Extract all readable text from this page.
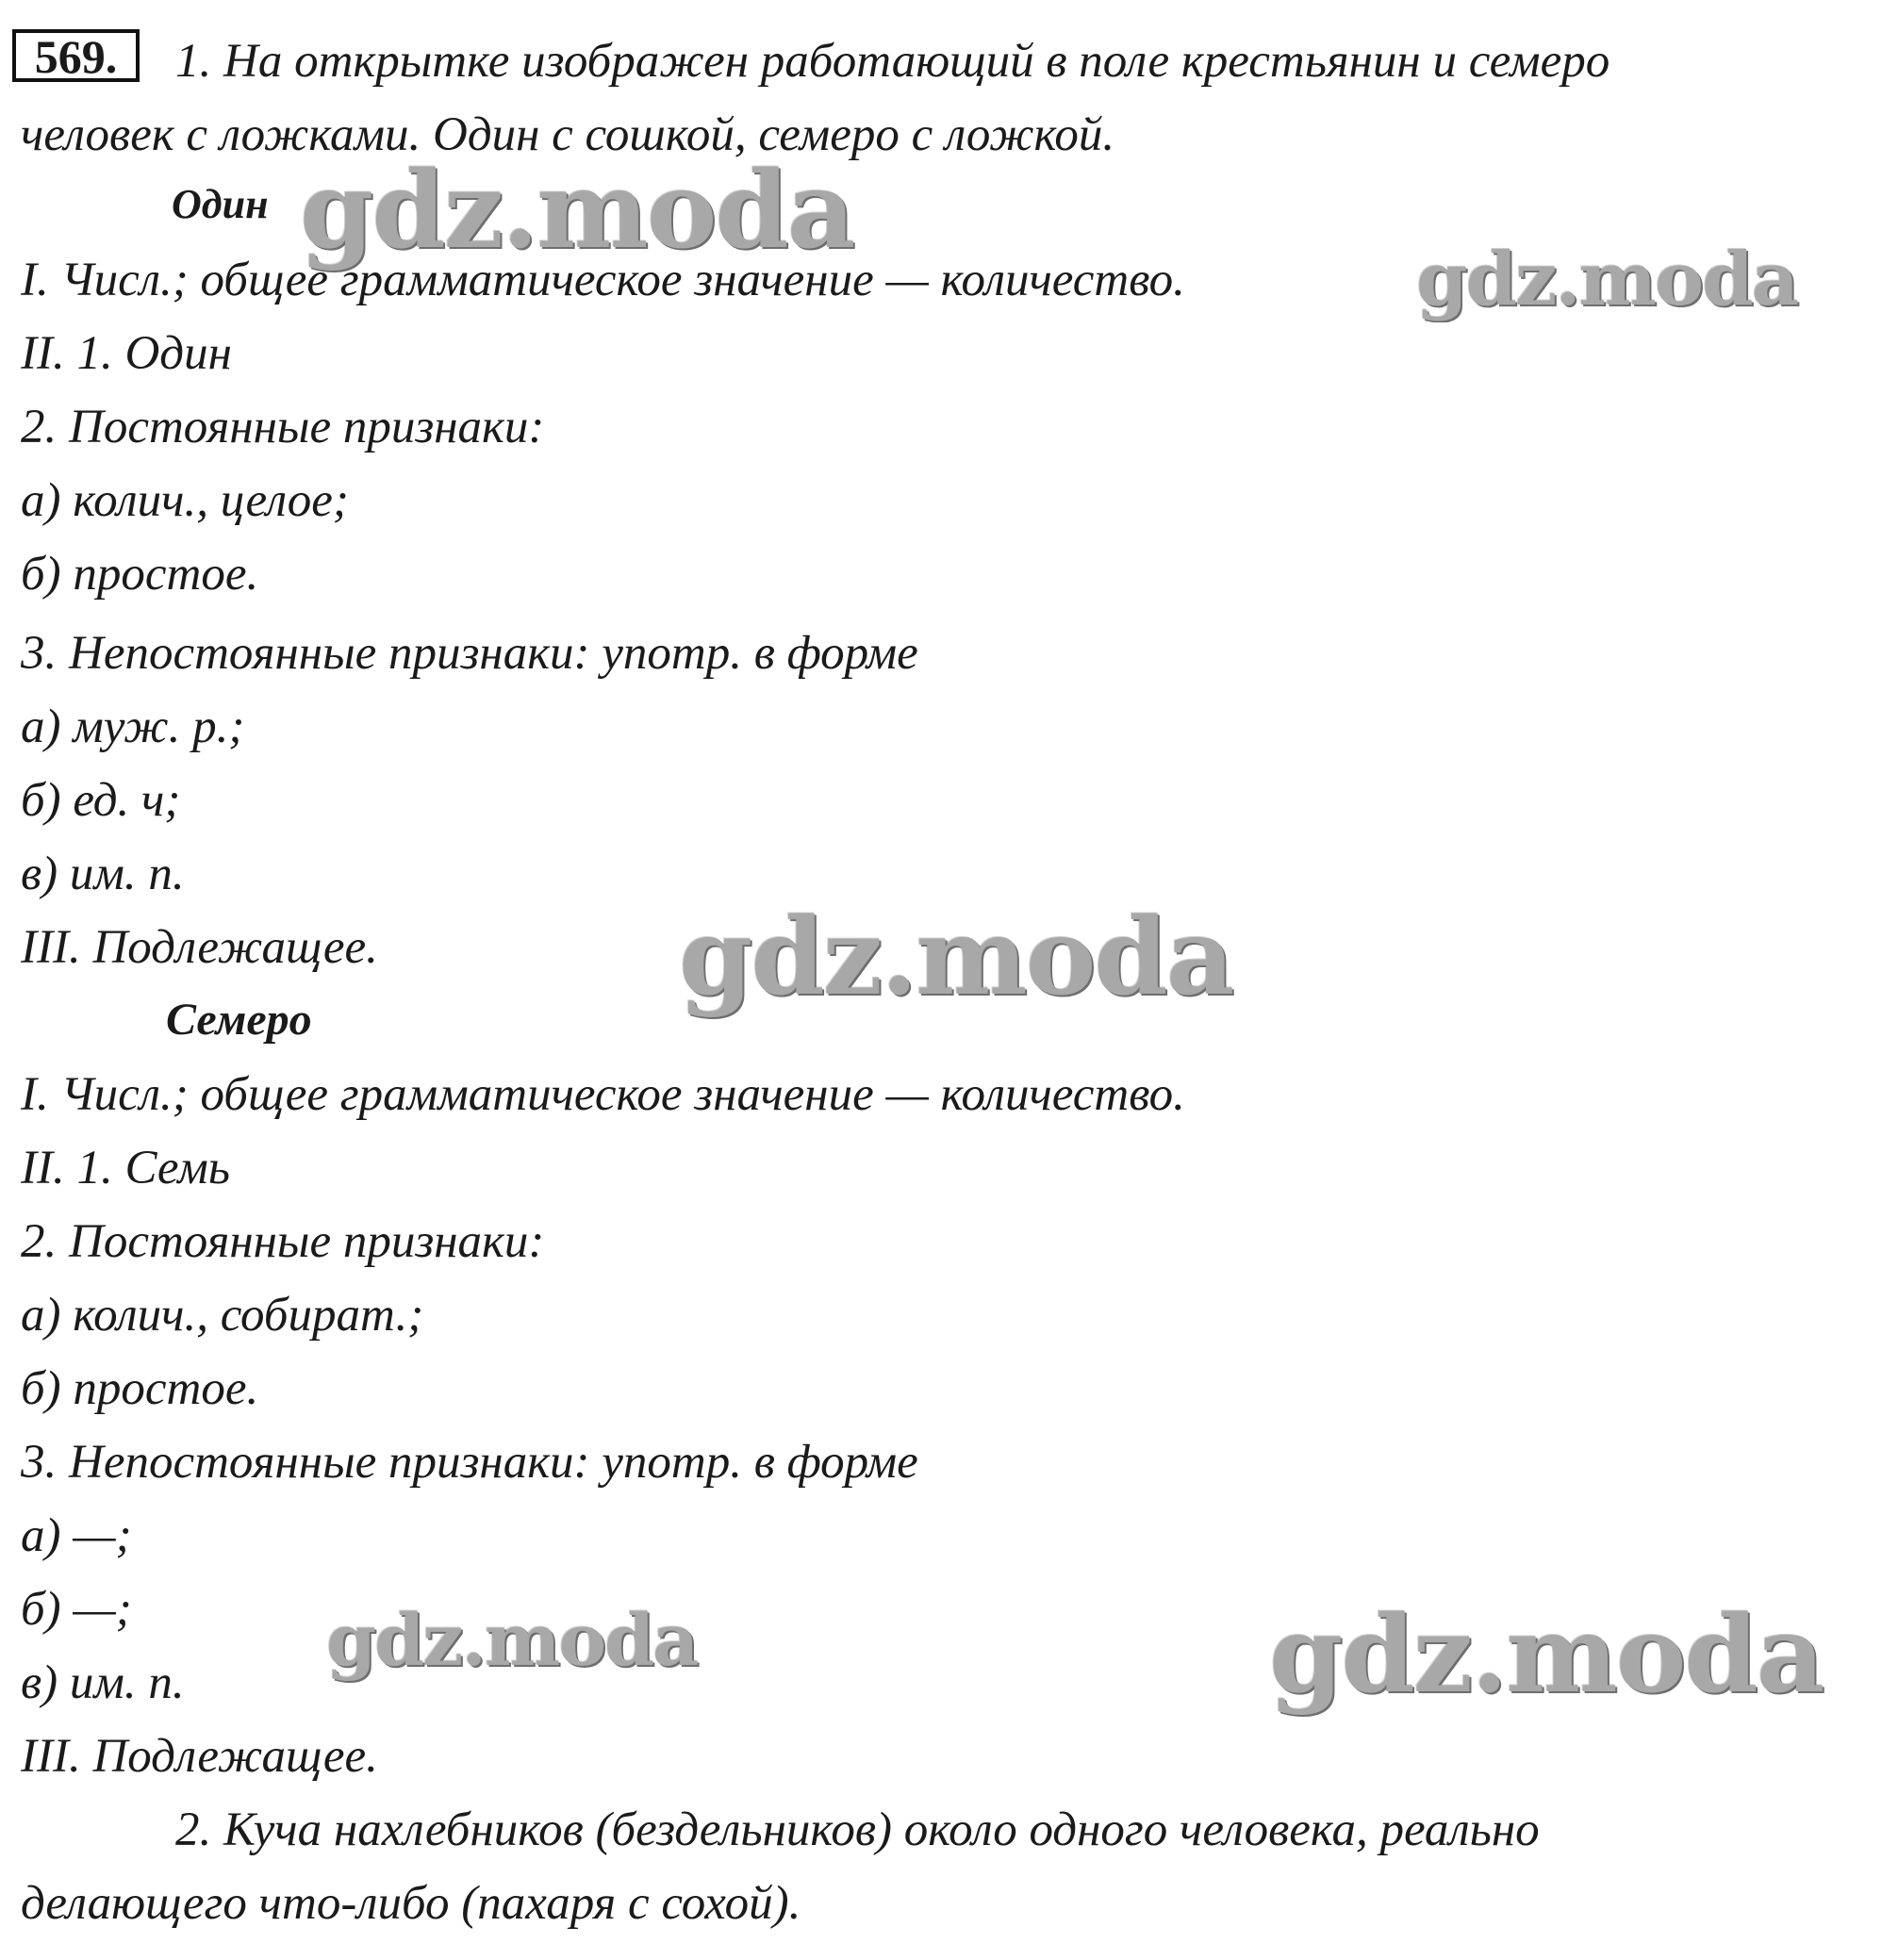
569.	1. На открытке изображен работающий в поле крестьянин и семеро
человек с ложками. Один с сошкой, семеро с ложкой.
Один
I. Числ.; общее грамматическое значение — количество.
II. 1. Один
2. Постоянные признаки:
а) колич., целое;
б) простое.
3. Непостоянные признаки: употр. в форме
а) муж. р.;
б) ед. ч;
в) им. п.
III. Подлежащее.
Семеро
I. Числ.; общее грамматическое значение — количество.
II. 1. Семь
2. Постоянные признаки:
а) колич., собират.;
б) простое.
3. Непостоянные признаки: употр. в форме
а) —;
б) —;
в) им. п.
III. Подлежащее.
2. Куча нахлебников (бездельников) около одного человека, реально
делающего что-либо (пахаря с сохой).
gdz.moda
gdz.moda
gdz.moda
gdz.moda	gdz.moda
